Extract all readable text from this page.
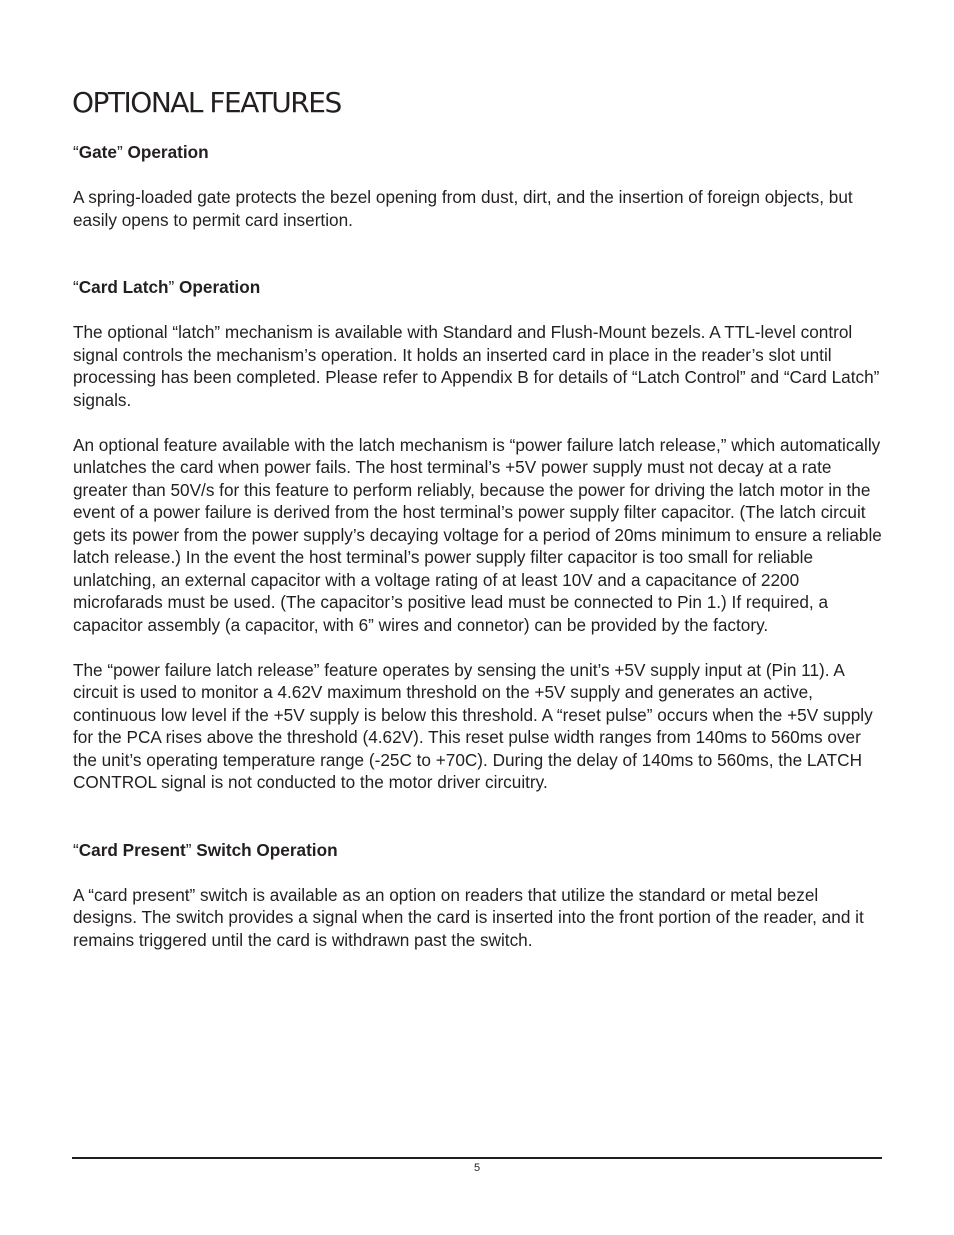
OPTIONAL FEATURES
“Gate” Operation

A spring-loaded gate protects the bezel opening from dust, dirt, and the insertion of foreign objects, but easily opens to permit card insertion.

“Card Latch” Operation

The optional “latch” mechanism is available with Standard and Flush-Mount bezels. A TTL-level control signal controls the mechanism’s operation. It holds an inserted card in place in the reader’s slot until processing has been completed. Please refer to Appendix B for details of “Latch Control” and “Card Latch” signals.

An optional feature available with the latch mechanism is “power failure latch release,” which automatically unlatches the card when power fails. The host terminal’s +5V power supply must not decay at a rate greater than 50V/s for this feature to perform reliably, because the power for driving the latch motor in the event of a power failure is derived from the host terminal’s power supply filter capacitor. (The latch circuit gets its power from the power supply’s decaying voltage for a period of 20ms minimum to ensure a reliable latch release.) In the event the host terminal’s power supply filter capacitor is too small for reliable unlatching, an external capacitor with a voltage rating of at least 10V and a capacitance of 2200 microfarads must be used. (The capacitor’s positive lead must be connected to Pin 1.) If required, a capacitor assembly (a capacitor, with 6” wires and connetor) can be provided by the factory.

The “power failure latch release” feature operates by sensing the unit’s +5V supply input at (Pin 11). A circuit is used to monitor a 4.62V maximum threshold on the +5V supply and generates an active, continuous low level if the +5V supply is below this threshold. A “reset pulse” occurs when the +5V supply for the PCA rises above the threshold (4.62V). This reset pulse width ranges from 140ms to 560ms over the unit’s operating temperature range (-25C to +70C). During the delay of 140ms to 560ms, the LATCH CONTROL signal is not conducted to the motor driver circuitry.

“Card Present” Switch Operation

A “card present” switch is available as an option on readers that utilize the standard or metal bezel designs. The switch provides a signal when the card is inserted into the front portion of the reader, and it remains triggered until the card is withdrawn past the switch.

5
